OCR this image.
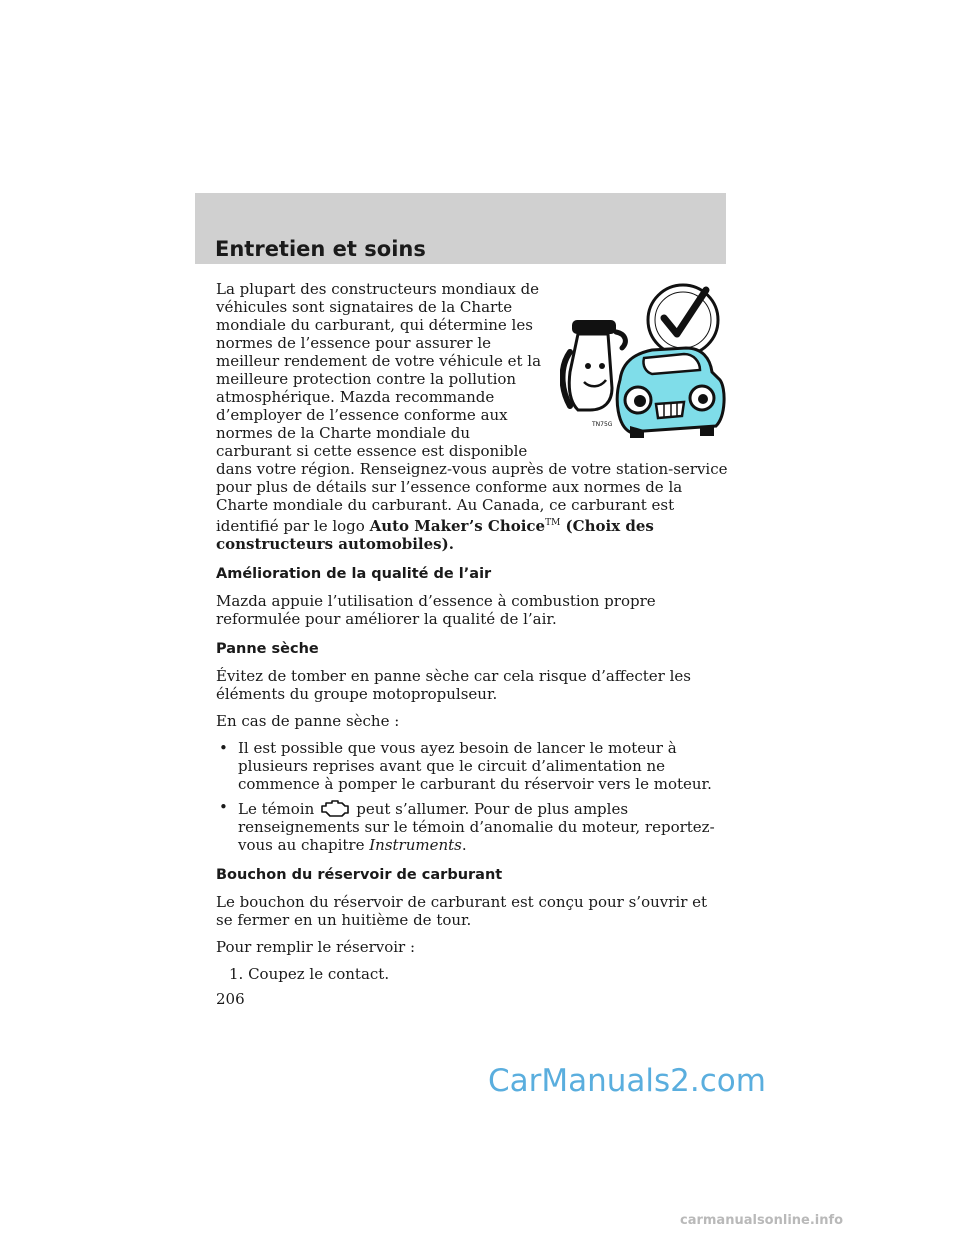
Entretien et soins
TN75G

La plupart des constructeurs mondiaux de véhicules sont signataires de la Charte mondiale du carburant, qui détermine les normes de l’essence pour assurer le meilleur rendement de votre véhicule et la meilleure protection contre la pollution atmosphérique. Mazda recommande d’employer de l’essence conforme aux normes de la Charte mondiale du carburant si cette essence est disponible dans votre région. Renseignez-vous auprès de votre station-service pour plus de détails sur l’essence conforme aux normes de la Charte mondiale du carburant. Au Canada, ce carburant est identifié par le logo Auto Maker’s Choice™ (Choix des constructeurs automobiles).

Amélioration de la qualité de l’air

Mazda appuie l’utilisation d’essence à combustion propre reformulée pour améliorer la qualité de l’air.

Panne sèche

Évitez de tomber en panne sèche car cela risque d’affecter les éléments du groupe motopropulseur.

En cas de panne sèche :

• Il est possible que vous ayez besoin de lancer le moteur à plusieurs reprises avant que le circuit d’alimentation ne commence à pomper le carburant du réservoir vers le moteur.
• Le témoin	peut s’allumer. Pour de plus amples renseignements sur le témoin d’anomalie du moteur, reportez-vous au chapitre Instruments.
Bouchon du réservoir de carburant

Le bouchon du réservoir de carburant est conçu pour s’ouvrir et se fermer en un huitième de tour.

Pour remplir le réservoir :

1. Coupez le contact.

206
CarManuals2.com
carmanualsonline.info
